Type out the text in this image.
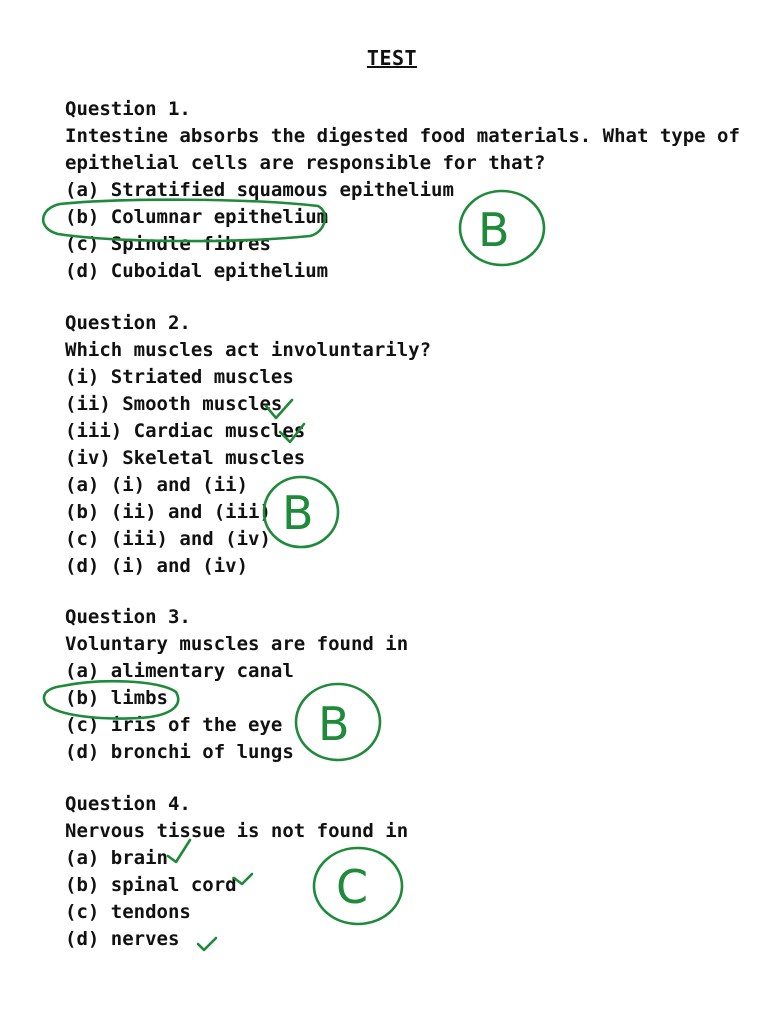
TEST
Question 1.
Intestine absorbs the digested food materials. What type of epithelial cells are responsible for that?
(a) Stratified squamous epithelium
(b) Columnar epithelium
(c) Spindle fibres
(d) Cuboidal epithelium
Question 2.
Which muscles act involuntarily?
(i) Striated muscles
(ii) Smooth muscles
(iii) Cardiac muscles
(iv) Skeletal muscles
(a) (i) and (ii)
(b) (ii) and (iii)
(c) (iii) and (iv)
(d) (i) and (iv)
Question 3.
Voluntary muscles are found in
(a) alimentary canal
(b) limbs
(c) iris of the eye
(d) bronchi of lungs
Question 4.
Nervous tissue is not found in
(a) brain
(b) spinal cord
(c) tendons
(d) nerves
B
B
B
C
